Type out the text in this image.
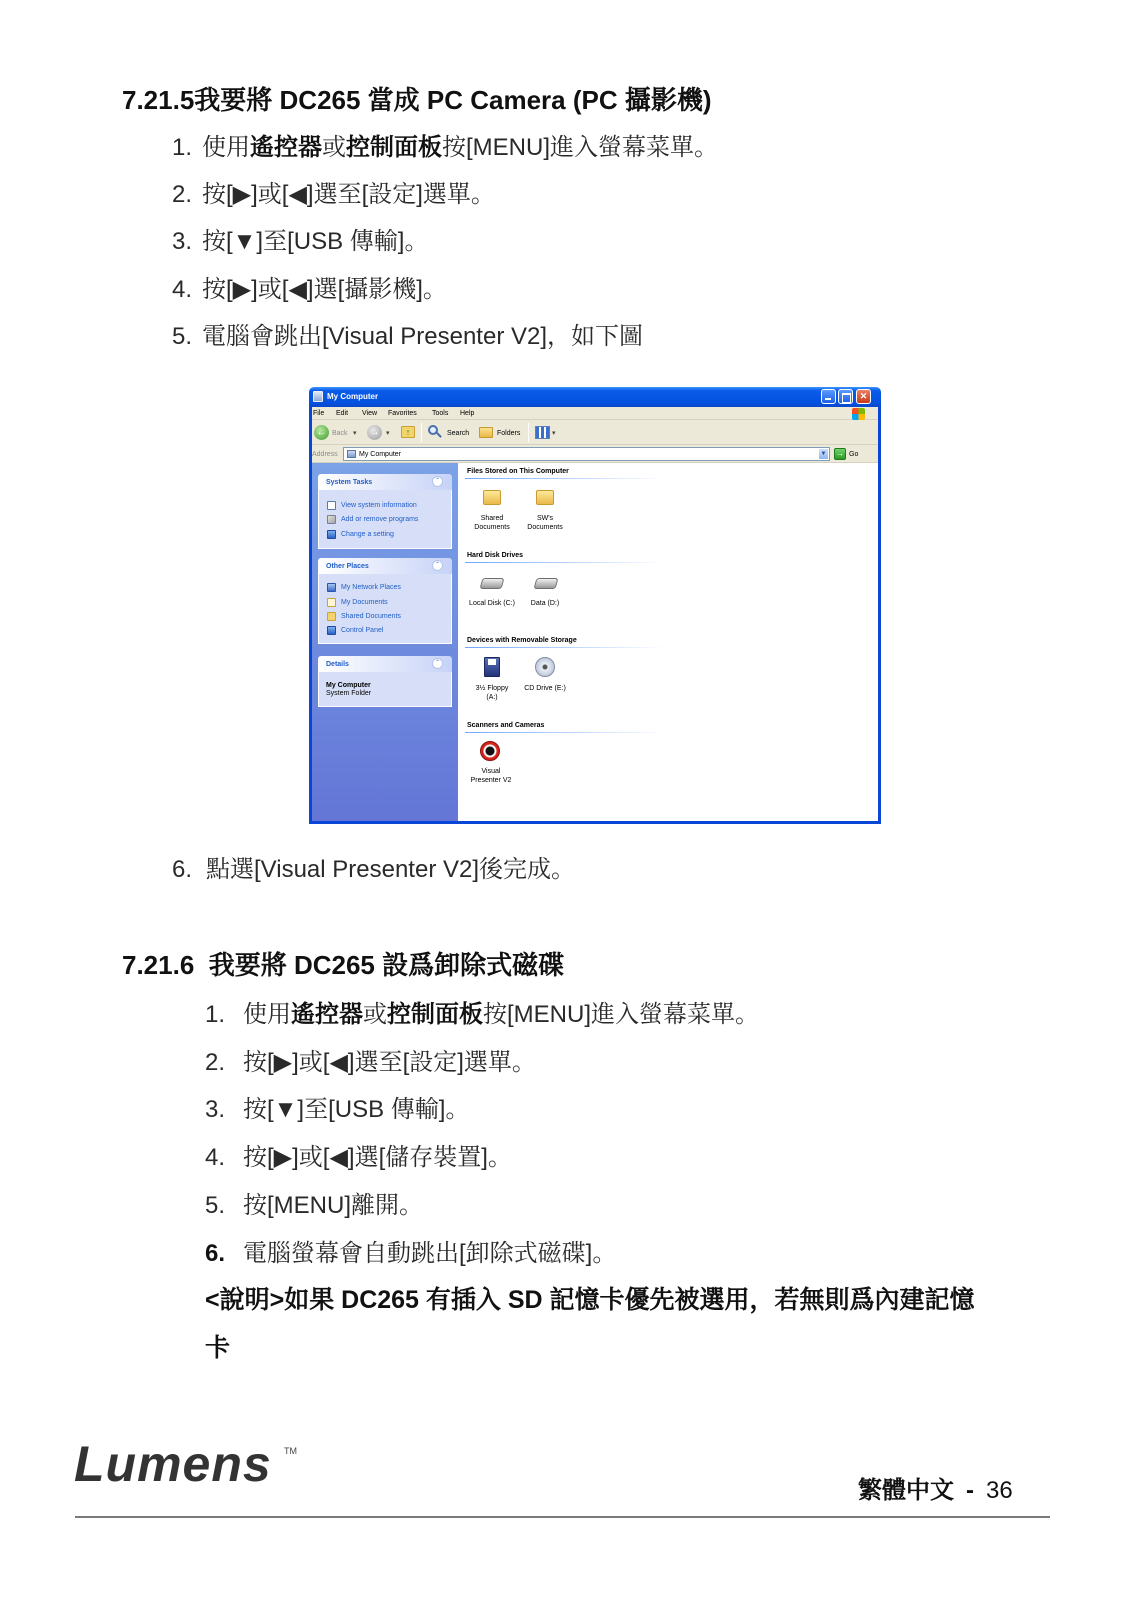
7.21.5我要將 DC265 當成 PC Camera (PC 攝影機)
1. 使用遙控器或控制面板按[MENU]進入螢幕菜單。
2. 按[▶]或[◀]選至[設定]選單。
3. 按[▼]至[USB 傳輸]。
4. 按[▶]或[◀]選[攝影機]。
5. 電腦會跳出[Visual Presenter V2]，如下圖
My Computer
✕
File Edit View Favorites Tools Help
← Back ▾ → ▾	↑	Search	Folders	▾
Address	My Computer	▼	→ Go
System Tasks	⌃
View system information
Add or remove programs
Change a setting
Other Places	⌃
My Network Places
My Documents
Shared Documents
Control Panel
Details	⌃
My Computer
System Folder
Files Stored on This Computer
Shared
Documents
SW's
Documents
Hard Disk Drives
Local Disk (C:)	Data (D:)
Devices with Removable Storage
3½ Floppy
(A:)
CD Drive (E:)
Scanners and Cameras
Visual
Presenter V2
6. 點選[Visual Presenter V2]後完成。
7.21.6  我要將 DC265 設爲卸除式磁碟
1. 使用遙控器或控制面板按[MENU]進入螢幕菜單。
2. 按[▶]或[◀]選至[設定]選單。
3. 按[▼]至[USB 傳輸]。
4. 按[▶]或[◀]選[儲存裝置]。
5. 按[MENU]離開。
6. 電腦螢幕會自動跳出[卸除式磁碟]。
<說明>如果 DC265 有插入 SD 記憶卡優先被選用，若無則爲內建記憶
卡
Lumens TM
繁體中文 - 36
